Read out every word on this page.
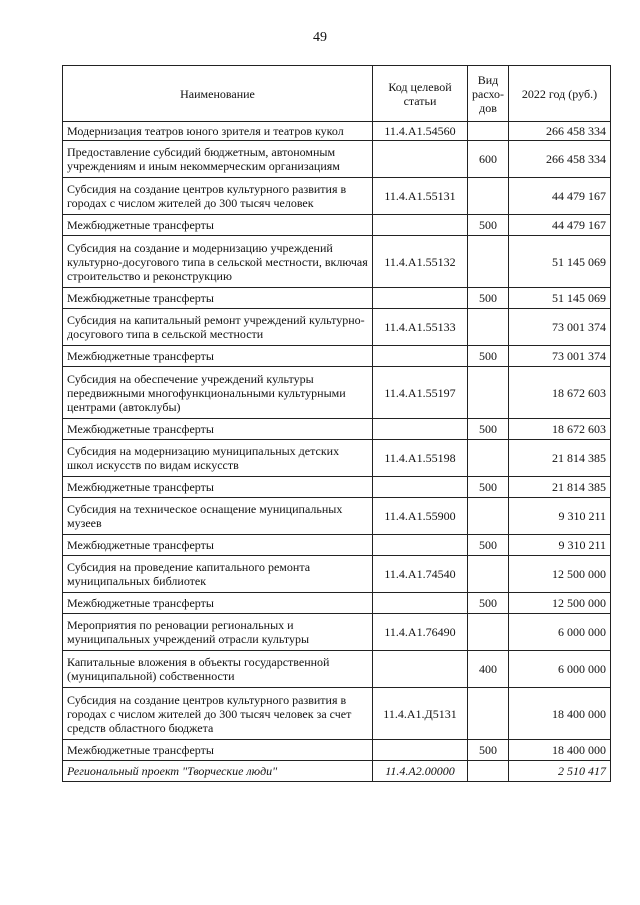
49
Наименование	Код целевой статьи	Вид расхо-дов	2022 год (руб.)
Модернизация театров юного зрителя и театров кукол	11.4.А1.54560		266 458 334
Предоставление субсидий бюджетным, автономным учреждениям и иным некоммерческим организациям		600	266 458 334
Субсидия на создание центров культурного развития в городах с числом жителей до 300 тысяч человек	11.4.А1.55131		44 479 167
Межбюджетные трансферты		500	44 479 167
Субсидия на создание и модернизацию учреждений культурно-досугового типа в сельской местности, включая строительство и реконструкцию	11.4.А1.55132		51 145 069
Межбюджетные трансферты		500	51 145 069
Субсидия на капитальный ремонт учреждений культурно-досугового типа в сельской местности	11.4.А1.55133		73 001 374
Межбюджетные трансферты		500	73 001 374
Субсидия на обеспечение учреждений культуры передвижными многофункциональными культурными центрами (автоклубы)	11.4.А1.55197		18 672 603
Межбюджетные трансферты		500	18 672 603
Субсидия на модернизацию муниципальных детских школ искусств по видам искусств	11.4.А1.55198		21 814 385
Межбюджетные трансферты		500	21 814 385
Субсидия на техническое оснащение муниципальных музеев	11.4.А1.55900		9 310 211
Межбюджетные трансферты		500	9 310 211
Субсидия на проведение капитального ремонта муниципальных библиотек	11.4.А1.74540		12 500 000
Межбюджетные трансферты		500	12 500 000
Мероприятия по реновации региональных и муниципальных учреждений отрасли культуры	11.4.А1.76490		6 000 000
Капитальные вложения в объекты государственной (муниципальной) собственности		400	6 000 000
Субсидия на создание центров культурного развития в городах с числом жителей до 300 тысяч человек за счет средств областного бюджета	11.4.А1.Д5131		18 400 000
Межбюджетные трансферты		500	18 400 000
Региональный проект "Творческие люди"	11.4.А2.00000		2 510 417
